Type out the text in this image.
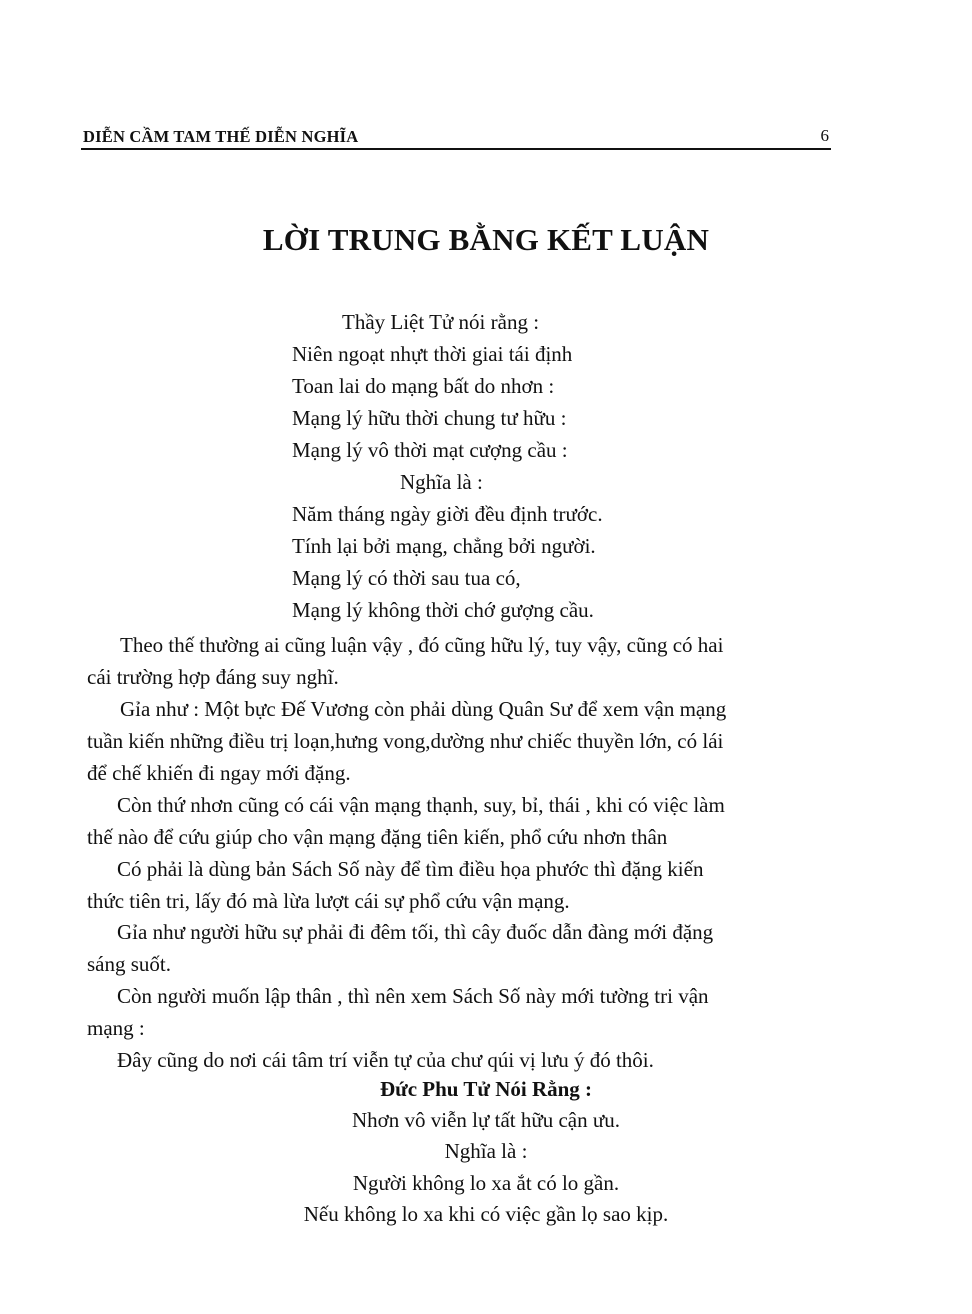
DIỄN CẦM TAM THẾ DIỄN NGHĨA	6
LỜI TRUNG BẰNG KẾT LUẬN
Thầy Liệt Tử nói rằng :
Niên ngoạt nhựt thời giai tái định
Toan lai do mạng bất do nhơn :
Mạng lý hữu thời chung tư hữu :
Mạng lý vô thời mạt cượng cầu :
Nghĩa là :
Năm tháng ngày giời đều định trước.
Tính lại bởi mạng, chẳng bởi người.
Mạng lý có thời sau tua có,
Mạng lý không thời chớ gượng cầu.
Theo thế thường ai cũng luận vậy , đó cũng hữu lý, tuy vậy, cũng có hai
cái trường hợp đáng suy nghĩ.
Gỉa như : Một bực Đế Vương còn phải dùng Quân Sư để xem vận mạng
tuần kiến những điều trị loạn,hưng vong,dường như chiếc thuyền lớn, có lái
để chế khiến đi ngay mới đặng.
Còn thứ nhơn cũng có cái vận mạng thạnh, suy, bỉ, thái , khi có việc làm
thế nào để cứu giúp cho vận mạng đặng tiên kiến, phổ cứu nhơn thân
Có phải là dùng bản Sách Số này để tìm điều họa phước thì đặng kiến
thức tiên tri, lấy đó mà lừa lượt cái sự phổ cứu vận mạng.
Gỉa như người hữu sự phải đi đêm tối, thì cây đuốc dẫn đàng mới đặng
sáng suốt.
Còn người muốn lập thân , thì nên xem Sách Số này mới tường tri vận
mạng :
Đây cũng do nơi cái tâm trí viễn tự của chư qúi vị lưu ý đó thôi.
Đức Phu Tử Nói Rằng :
Nhơn vô viễn lự tất hữu cận ưu.
Nghĩa là :
Người không lo xa ắt có lo gần.
Nếu không lo xa khi có việc gần lọ sao kịp.
